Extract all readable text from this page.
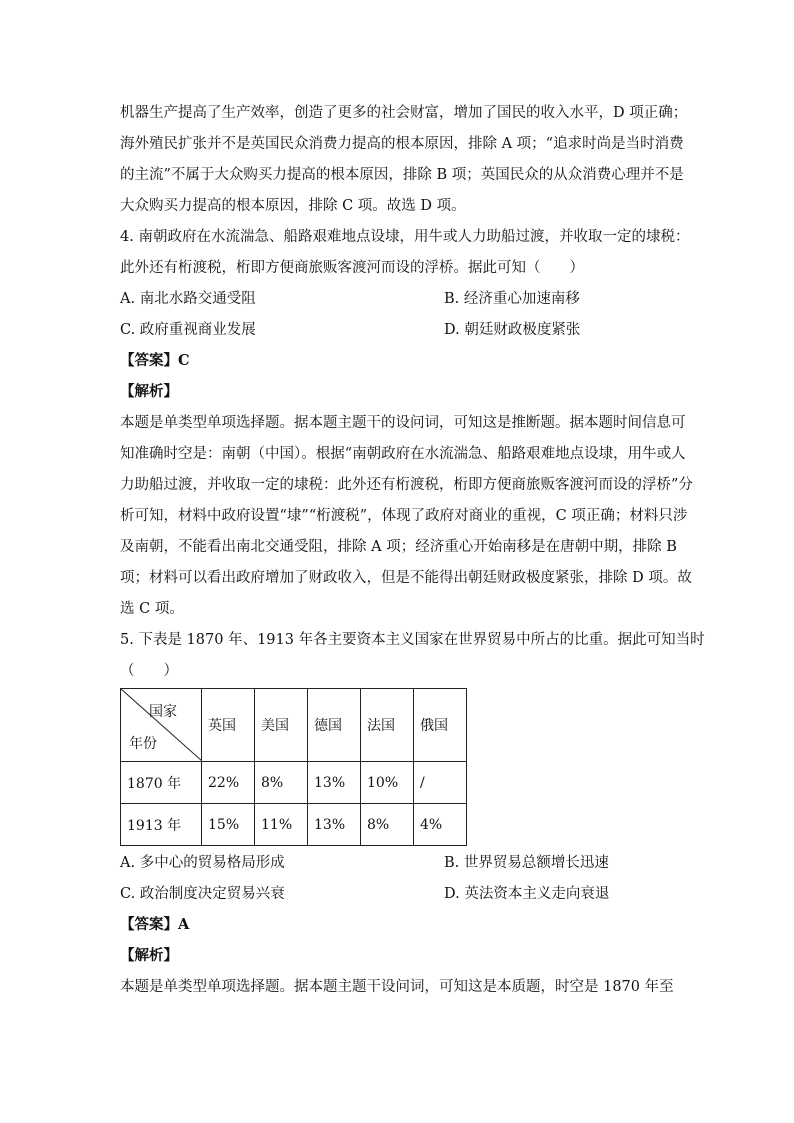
机器生产提高了生产效率，创造了更多的社会财富，增加了国民的收入水平，D 项正确；
海外殖民扩张并不是英国民众消费力提高的根本原因，排除 A 项；“追求时尚是当时消费
的主流”不属于大众购买力提高的根本原因，排除 B 项；英国民众的从众消费心理并不是
大众购买力提高的根本原因，排除 C 项。故选 D 项。
4. 南朝政府在水流湍急、船路艰难地点设埭，用牛或人力助船过渡，并收取一定的埭税：
此外还有桁渡税，桁即方便商旅贩客渡河而设的浮桥。据此可知（　　）
A. 南北水路交通受阻	B. 经济重心加速南移
C. 政府重视商业发展	D. 朝廷财政极度紧张
【答案】C
【解析】
本题是单类型单项选择题。据本题主题干的设问词，可知这是推断题。据本题时间信息可
知准确时空是：南朝（中国）。根据“南朝政府在水流湍急、船路艰难地点设埭，用牛或人
力助船过渡，并收取一定的埭税：此外还有桁渡税，桁即方便商旅贩客渡河而设的浮桥”分
析可知，材料中政府设置“埭”“桁渡税”，体现了政府对商业的重视，C 项正确；材料只涉
及南朝，不能看出南北交通受阻，排除 A 项；经济重心开始南移是在唐朝中期，排除 B
项；材料可以看出政府增加了财政收入，但是不能得出朝廷财政极度紧张，排除 D 项。故
选 C 项。
5. 下表是 1870 年、1913 年各主要资本主义国家在世界贸易中所占的比重。据此可知当时
（　　）
国家
年份	英国	美国	德国	法国	俄国
1870 年	22%	8%	13%	10%	/
1913 年	15%	11%	13%	8%	4%
A. 多中心的贸易格局形成	B. 世界贸易总额增长迅速
C. 政治制度决定贸易兴衰	D. 英法资本主义走向衰退
【答案】A
【解析】
本题是单类型单项选择题。据本题主题干设问词，可知这是本质题，时空是 1870 年至
